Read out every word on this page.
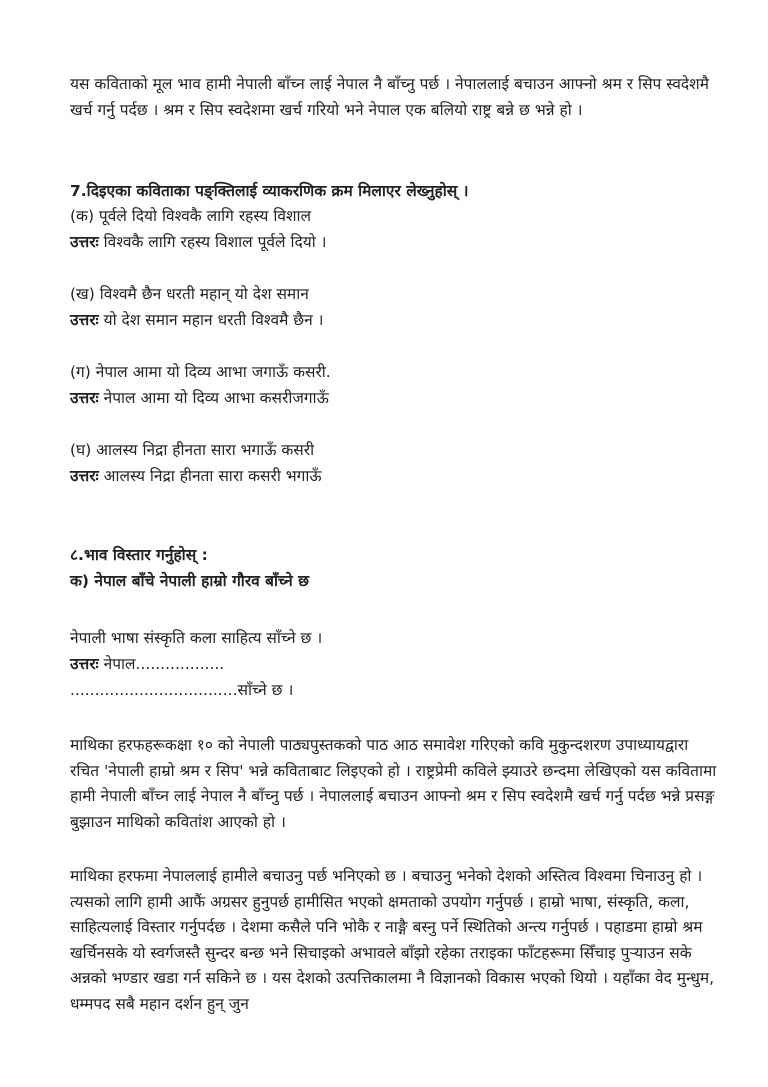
यस कविताको मूल भाव हामी नेपाली बाँच्न लाई नेपाल नै बाँच्नु पर्छ । नेपाललाई बचाउन आफ्नो श्रम र सिप स्वदेशमै खर्च गर्नु पर्दछ । श्रम र सिप स्वदेशमा खर्च गरियो भने नेपाल एक बलियो राष्ट्र बन्ने छ भन्ने हो ।

7.दिइएका कविताका पङ्क्तिलाई व्याकरणिक क्रम मिलाएर लेख्नुहोस् ।
(क) पूर्वले दियो विश्वकै लागि रहस्य विशाल
उत्तरः विश्वकै लागि रहस्य विशाल पूर्वले दियो ।
(ख) विश्वमै छैन धरती महान् यो देश समान
उत्तरः यो देश समान महान धरती विश्वमै छैन ।
(ग) नेपाल आमा यो दिव्य आभा जगाऊँ कसरी.
उत्तरः नेपाल आमा यो दिव्य आभा कसरीजगाऊँ
(घ) आलस्य निद्रा हीनता सारा भगाऊँ कसरी
उत्तरः आलस्य निद्रा हीनता सारा कसरी भगाऊँ
८.भाव विस्तार गर्नुहोस् :
क) नेपाल बाँचे नेपाली हाम्रो गौरव बाँच्ने छ
नेपाली भाषा संस्कृति कला साहित्य साँच्ने छ ।
उत्तरः नेपाल..................
..................................साँच्ने छ ।

माथिका हरफहरूकक्षा १० को नेपाली पाठ्यपुस्तकको पाठ आठ समावेश गरिएको कवि मुकुन्दशरण उपाध्यायद्वारा रचित 'नेपाली हाम्रो श्रम र सिप' भन्ने कविताबाट लिइएको हो । राष्ट्रप्रेमी कविले झ्याउरे छन्दमा लेखिएको यस कवितामा हामी नेपाली बाँच्न लाई नेपाल नै बाँच्नु पर्छ । नेपाललाई बचाउन आफ्नो श्रम र सिप स्वदेशमै खर्च गर्नु पर्दछ भन्ने प्रसङ्ग बुझाउन माथिको कवितांश आएको हो ।

माथिका हरफमा नेपाललाई हामीले बचाउनु पर्छ भनिएको छ । बचाउनु भनेको देशको अस्तित्व विश्वमा चिनाउनु हो । त्यसको लागि हामी आफैं अग्रसर हुनुपर्छ हामीसित भएको क्षमताको उपयोग गर्नुपर्छ । हाम्रो भाषा, संस्कृति, कला, साहित्यलाई विस्तार गर्नुपर्दछ । देशमा कसैले पनि भोकै र नाङ्गै बस्नु पर्ने स्थितिको अन्त्य गर्नुपर्छ । पहाडमा हाम्रो श्रम खर्चिनसके यो स्वर्गजस्तै सुन्दर बन्छ भने सिचाइको अभावले बाँझो रहेका तराइका फाँटहरूमा सिँचाइ पुर्‍याउन सके अन्नको भण्डार खडा गर्न सकिने छ । यस देशको उत्पत्तिकालमा नै विज्ञानको विकास भएको थियो । यहाँका वेद मुन्धुम, धम्मपद सबै महान दर्शन हुन् जुन
